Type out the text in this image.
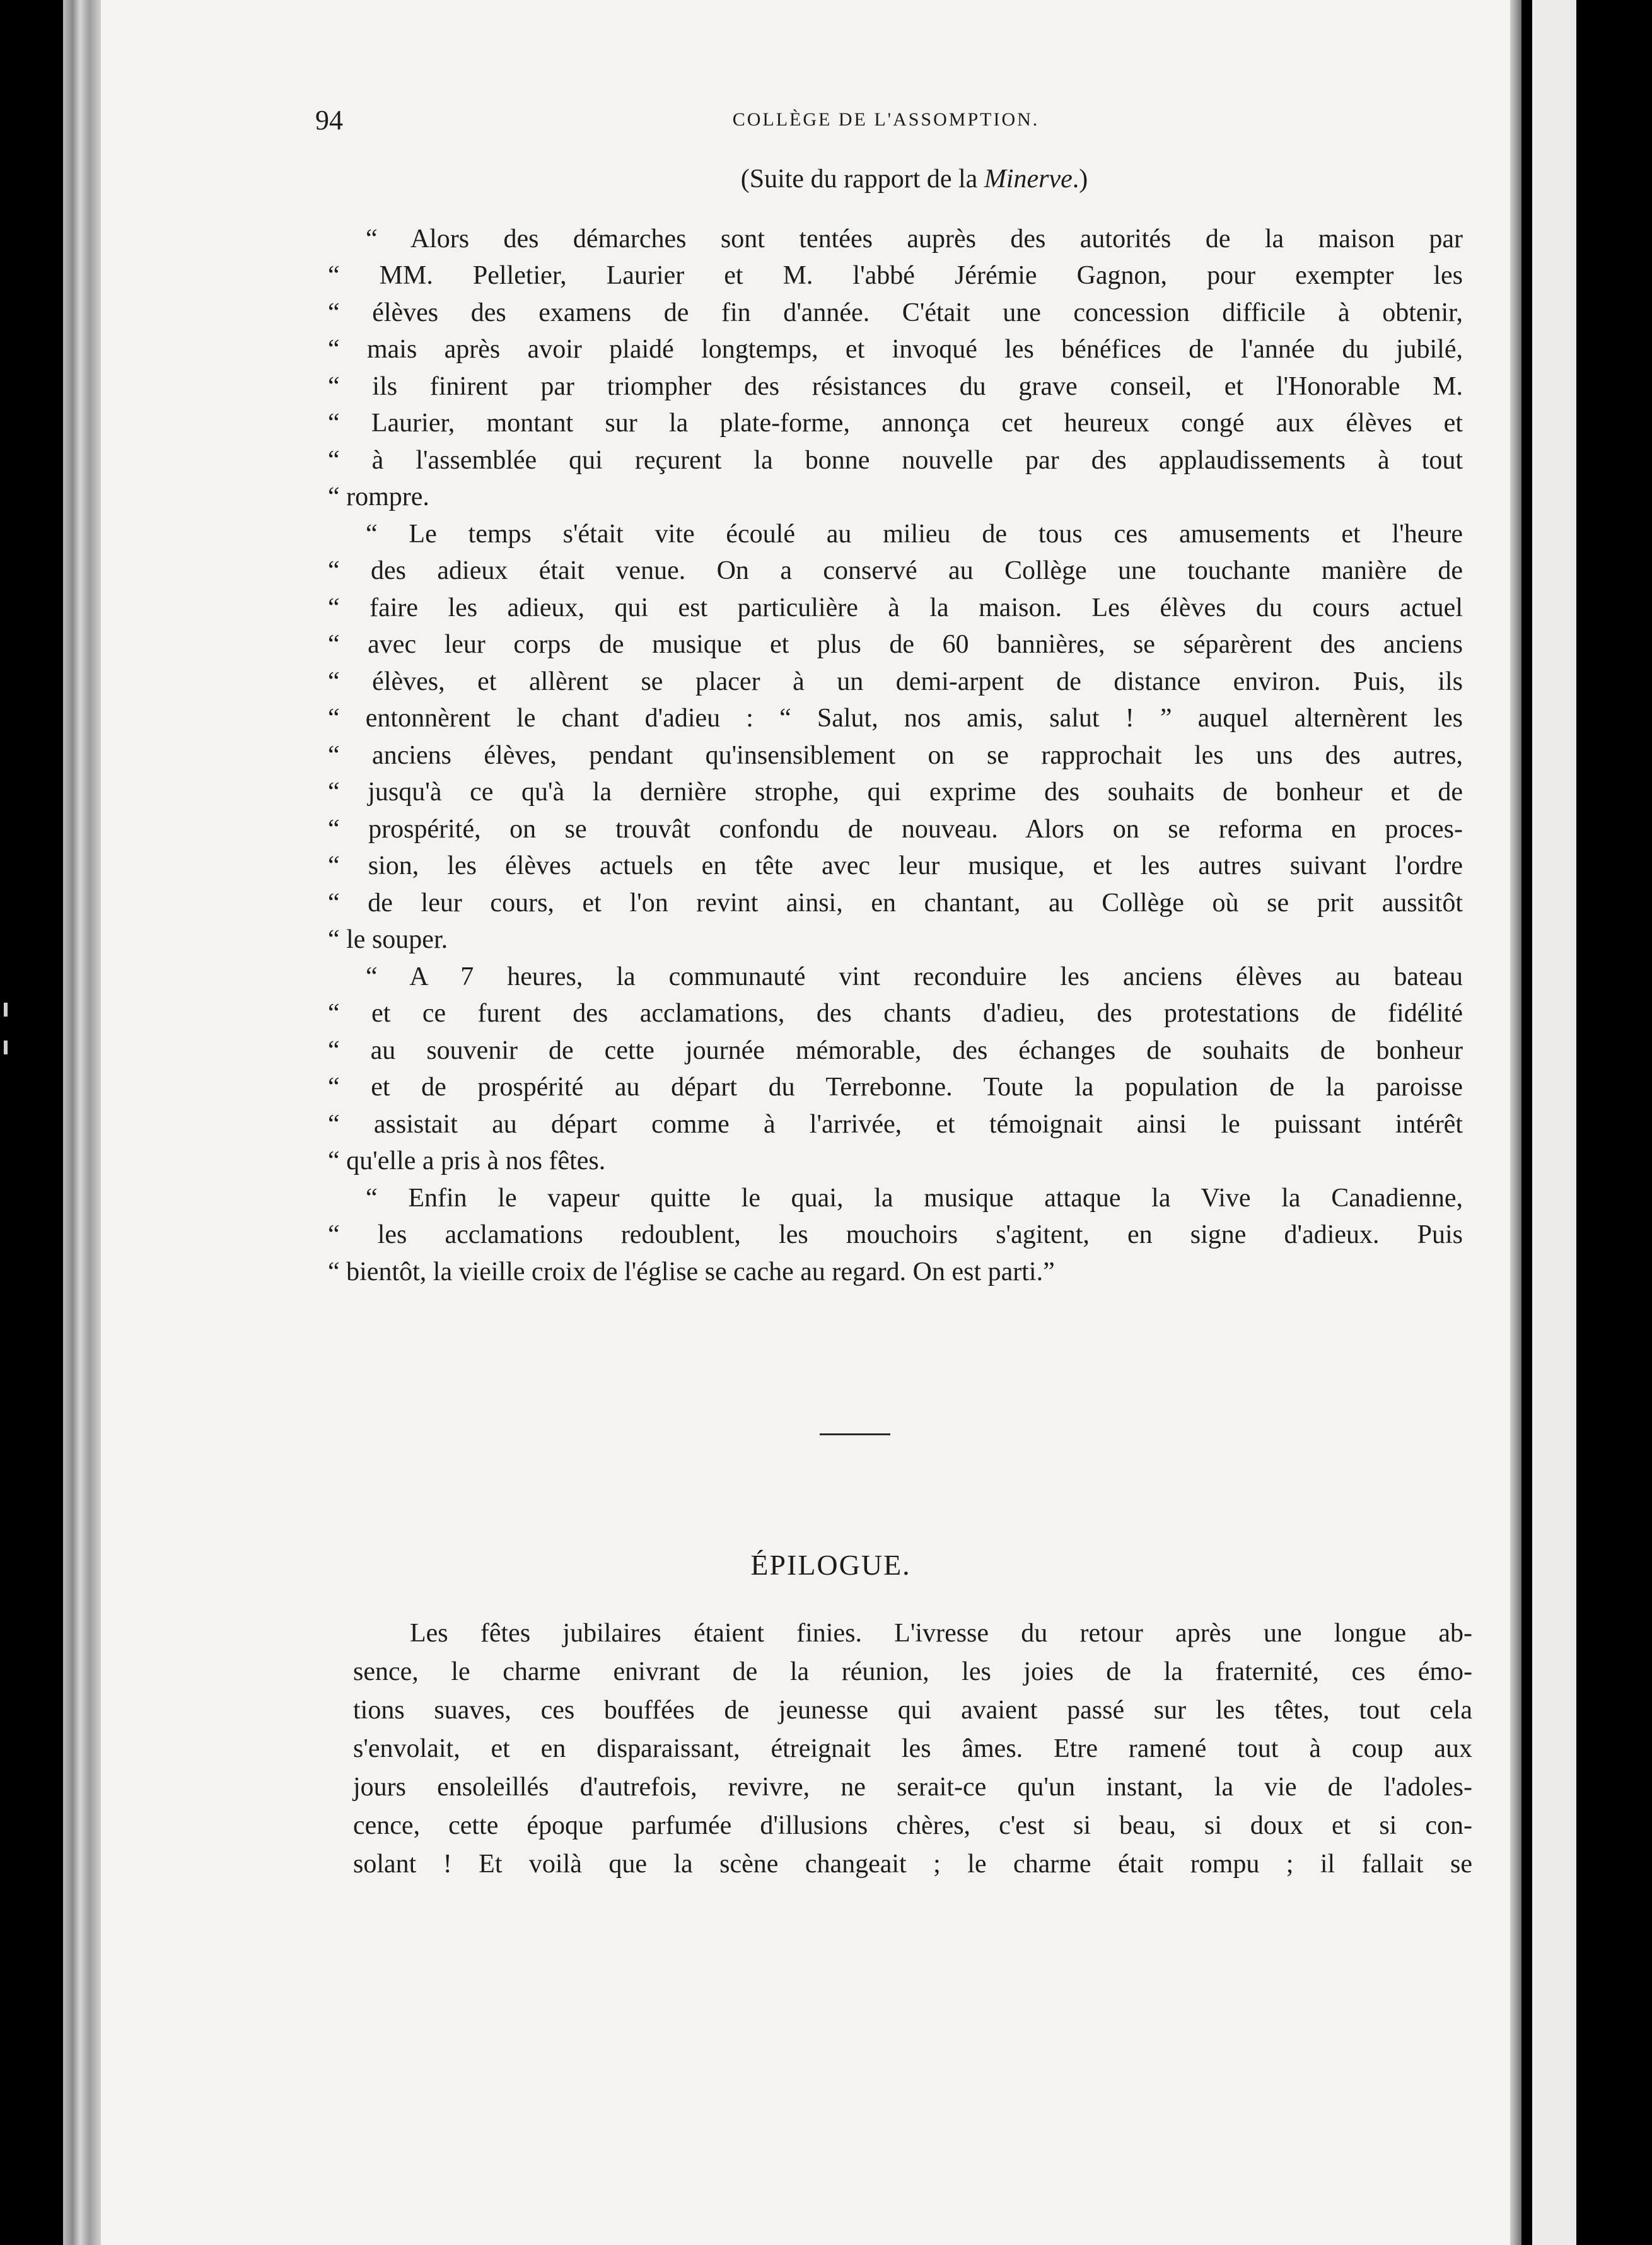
94	COLLÈGE DE L'ASSOMPTION.

(Suite du rapport de la Minerve.)

“ Alors des démarches sont tentées auprès des autorités de la maison par
“ MM. Pelletier, Laurier et M. l'abbé Jérémie Gagnon, pour exempter les
“ élèves des examens de fin d'année. C'était une concession difficile à obtenir,
“ mais après avoir plaidé longtemps, et invoqué les bénéfices de l'année du jubilé,
“ ils finirent par triompher des résistances du grave conseil, et l'Honorable M.
“ Laurier, montant sur la plate-forme, annonça cet heureux congé aux élèves et
“ à l'assemblée qui reçurent la bonne nouvelle par des applaudissements à tout
“ rompre.

“ Le temps s'était vite écoulé au milieu de tous ces amusements et l'heure
“ des adieux était venue. On a conservé au Collège une touchante manière de
“ faire les adieux, qui est particulière à la maison. Les élèves du cours actuel
“ avec leur corps de musique et plus de 60 bannières, se séparèrent des anciens
“ élèves, et allèrent se placer à un demi-arpent de distance environ. Puis, ils
“ entonnèrent le chant d'adieu : “ Salut, nos amis, salut ! ” auquel alternèrent les
“ anciens élèves, pendant qu'insensiblement on se rapprochait les uns des autres,
“ jusqu'à ce qu'à la dernière strophe, qui exprime des souhaits de bonheur et de
“ prospérité, on se trouvât confondu de nouveau. Alors on se reforma en proces-
“ sion, les élèves actuels en tête avec leur musique, et les autres suivant l'ordre
“ de leur cours, et l'on revint ainsi, en chantant, au Collège où se prit aussitôt
“ le souper.

“ A 7 heures, la communauté vint reconduire les anciens élèves au bateau
“ et ce furent des acclamations, des chants d'adieu, des protestations de fidélité
“ au souvenir de cette journée mémorable, des échanges de souhaits de bonheur
“ et de prospérité au départ du Terrebonne. Toute la population de la paroisse
“ assistait au départ comme à l'arrivée, et témoignait ainsi le puissant intérêt
“ qu'elle a pris à nos fêtes.

“ Enfin le vapeur quitte le quai, la musique attaque la Vive la Canadienne,
“ les acclamations redoublent, les mouchoirs s'agitent, en signe d'adieux. Puis
“ bientôt, la vieille croix de l'église se cache au regard. On est parti.”

ÉPILOGUE.
Les fêtes jubilaires étaient finies. L'ivresse du retour après une longue ab-
sence, le charme enivrant de la réunion, les joies de la fraternité, ces émo-
tions suaves, ces bouffées de jeunesse qui avaient passé sur les têtes, tout cela
s'envolait, et en disparaissant, étreignait les âmes. Etre ramené tout à coup aux
jours ensoleillés d'autrefois, revivre, ne serait-ce qu'un instant, la vie de l'adoles-
cence, cette époque parfumée d'illusions chères, c'est si beau, si doux et si con-
solant ! Et voilà que la scène changeait ; le charme était rompu ; il fallait se
